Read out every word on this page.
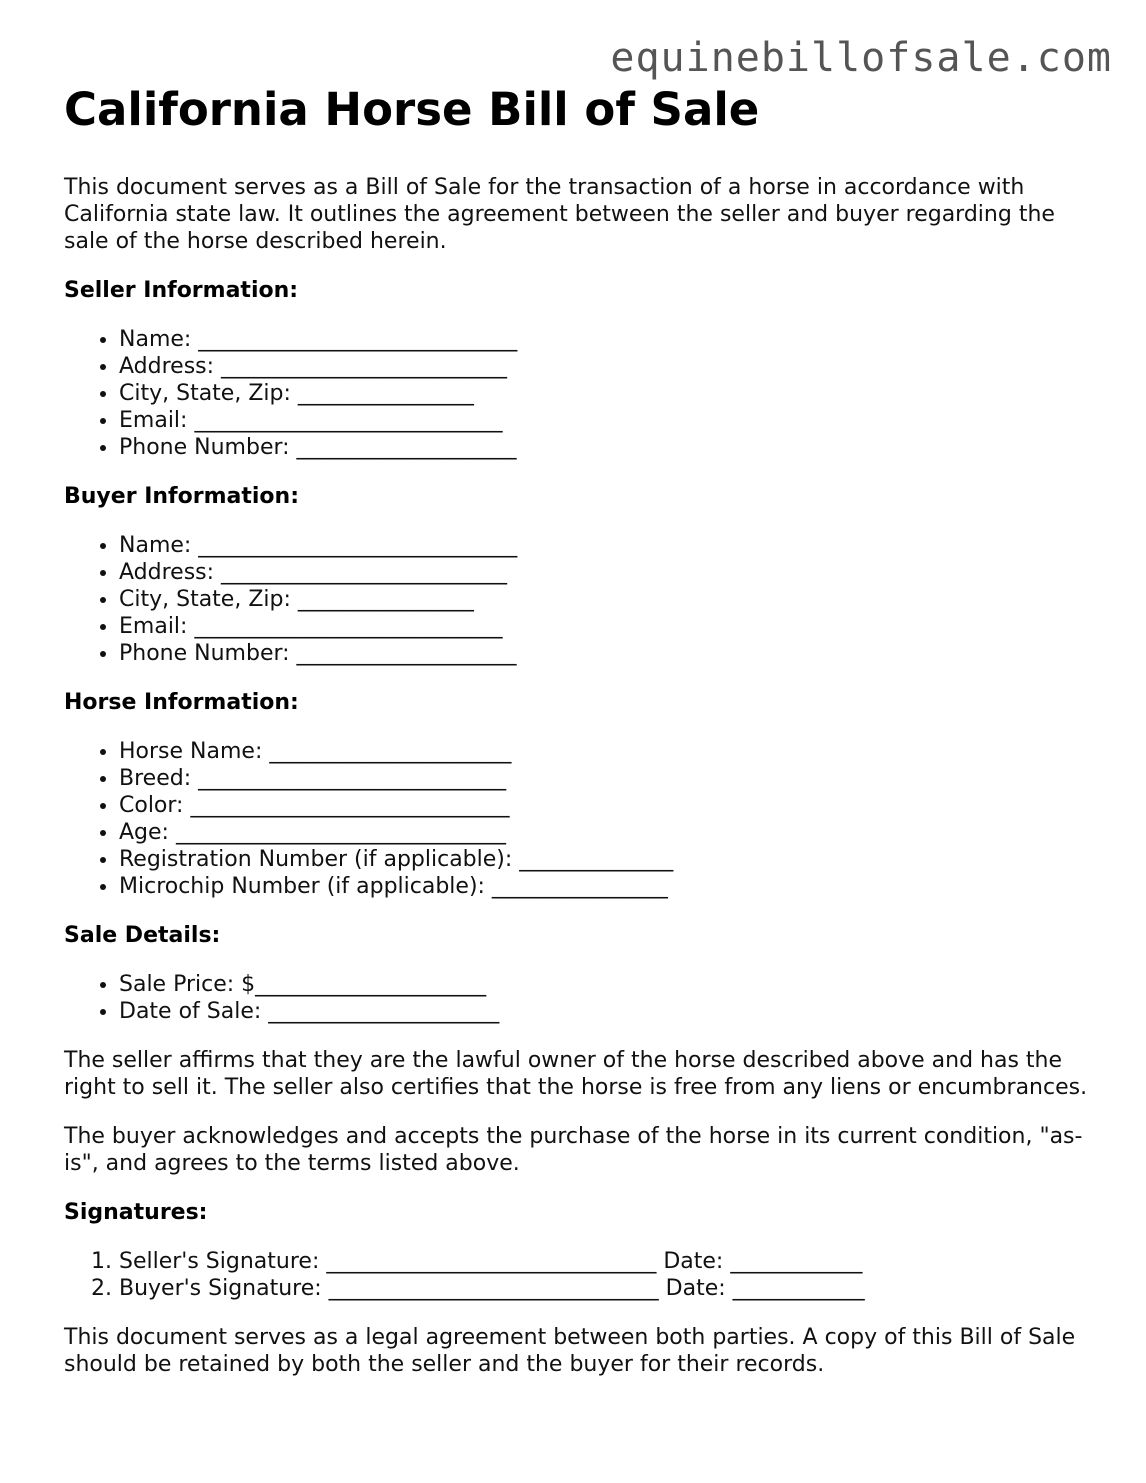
equinebillofsale.com
California Horse Bill of Sale

This document serves as a Bill of Sale for the transaction of a horse in accordance with California state law. It outlines the agreement between the seller and buyer regarding the sale of the horse described herein.

Seller Information:
• Name: _____________________________
• Address: __________________________
• City, State, Zip: ________________
• Email: ____________________________
• Phone Number: ____________________
Buyer Information:
• Name: _____________________________
• Address: __________________________
• City, State, Zip: ________________
• Email: ____________________________
• Phone Number: ____________________
Horse Information:
• Horse Name: ______________________
• Breed: ____________________________
• Color: _____________________________
• Age: ______________________________
• Registration Number (if applicable): ______________
• Microchip Number (if applicable): ________________
Sale Details:
• Sale Price: $_____________________
• Date of Sale: _____________________

The seller affirms that they are the lawful owner of the horse described above and has the right to sell it. The seller also certifies that the horse is free from any liens or encumbrances.

The buyer acknowledges and accepts the purchase of the horse in its current condition, "as-is", and agrees to the terms listed above.

Signatures:
1. Seller's Signature: ______________________________ Date: ____________
2. Buyer's Signature: ______________________________ Date: ____________

This document serves as a legal agreement between both parties. A copy of this Bill of Sale should be retained by both the seller and the buyer for their records.
